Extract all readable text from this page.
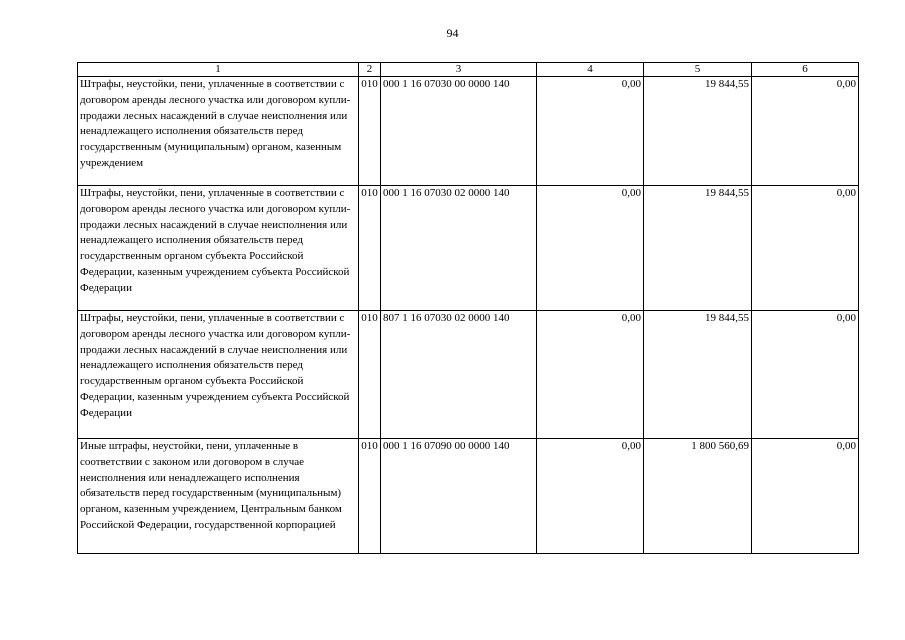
94
1	2	3	4	5	6

Штрафы, неустойки, пени, уплаченные в соответствии с договором аренды лесного участка или договором купли-продажи лесных насаждений в случае неисполнения или ненадлежащего исполнения обязательств перед государственным (муниципальным) органом, казенным учреждением	010	000 1 16 07030 00 0000 140	0,00	19 844,55	0,00

Штрафы, неустойки, пени, уплаченные в соответствии с договором аренды лесного участка или договором купли-продажи лесных насаждений в случае неисполнения или ненадлежащего исполнения обязательств перед государственным органом субъекта Российской Федерации, казенным учреждением субъекта Российской Федерации	010	000 1 16 07030 02 0000 140	0,00	19 844,55	0,00

Штрафы, неустойки, пени, уплаченные в соответствии с договором аренды лесного участка или договором купли-продажи лесных насаждений в случае неисполнения или ненадлежащего исполнения обязательств перед государственным органом субъекта Российской Федерации, казенным учреждением субъекта Российской Федерации	010	807 1 16 07030 02 0000 140	0,00	19 844,55	0,00

Иные штрафы, неустойки, пени, уплаченные в соответствии с законом или договором в случае неисполнения или ненадлежащего исполнения обязательств перед государственным (муниципальным) органом, казенным учреждением, Центральным банком Российской Федерации, государственной корпорацией	010	000 1 16 07090 00 0000 140	0,00	1 800 560,69	0,00
